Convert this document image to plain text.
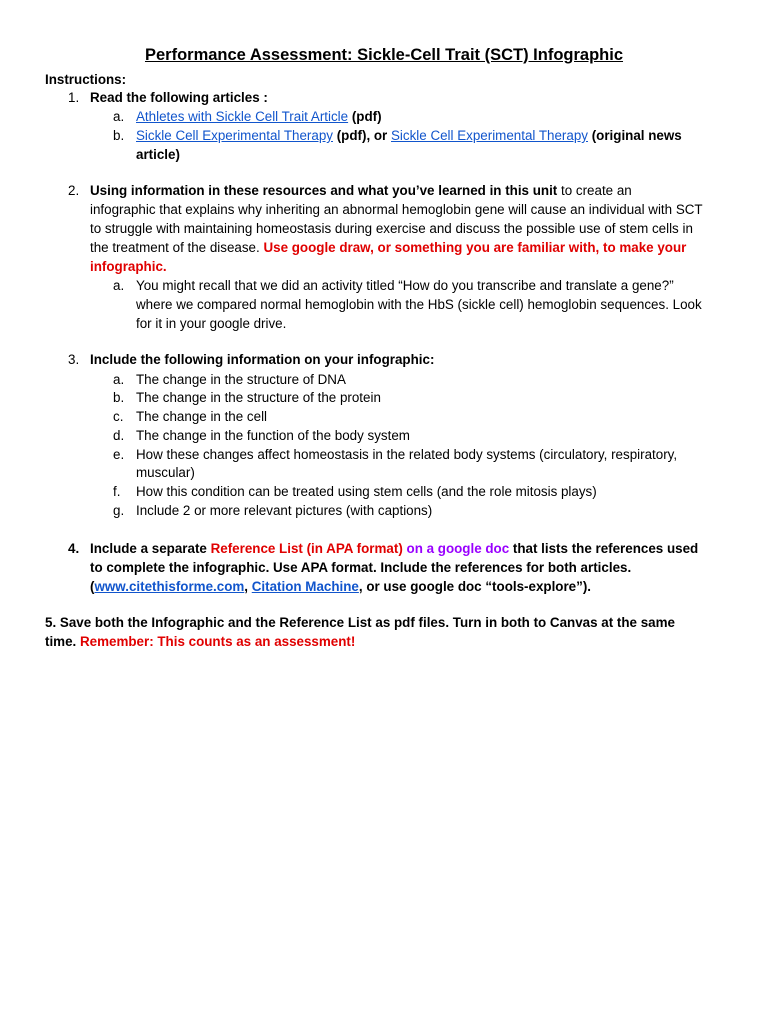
Performance Assessment: Sickle-Cell Trait (SCT) Infographic
Instructions:
1. Read the following articles :
a. Athletes with Sickle Cell Trait Article (pdf)
b. Sickle Cell Experimental Therapy (pdf), or Sickle Cell Experimental Therapy (original news
article)
2. Using information in these resources and what you’ve learned in this unit to create an
infographic that explains why inheriting an abnormal hemoglobin gene will cause an individual with SCT
to struggle with maintaining homeostasis during exercise and discuss the possible use of stem cells in
the treatment of the disease. Use google draw, or something you are familiar with, to make your
infographic.
a. You might recall that we did an activity titled “How do you transcribe and translate a gene?”
where we compared normal hemoglobin with the HbS (sickle cell) hemoglobin sequences. Look
for it in your google drive.
3. Include the following information on your infographic:
a. The change in the structure of DNA
b. The change in the structure of the protein
c. The change in the cell
d. The change in the function of the body system
e. How these changes affect homeostasis in the related body systems (circulatory, respiratory,
muscular)
f. How this condition can be treated using stem cells (and the role mitosis plays)
g. Include 2 or more relevant pictures (with captions)
4. Include a separate Reference List (in APA format) on a google doc that lists the references used
to complete the infographic. Use APA format. Include the references for both articles.
(www.citethisforme.com, Citation Machine, or use google doc “tools-explore”).
5. Save both the Infographic and the Reference List as pdf files. Turn in both to Canvas at the same
time. Remember: This counts as an assessment!
